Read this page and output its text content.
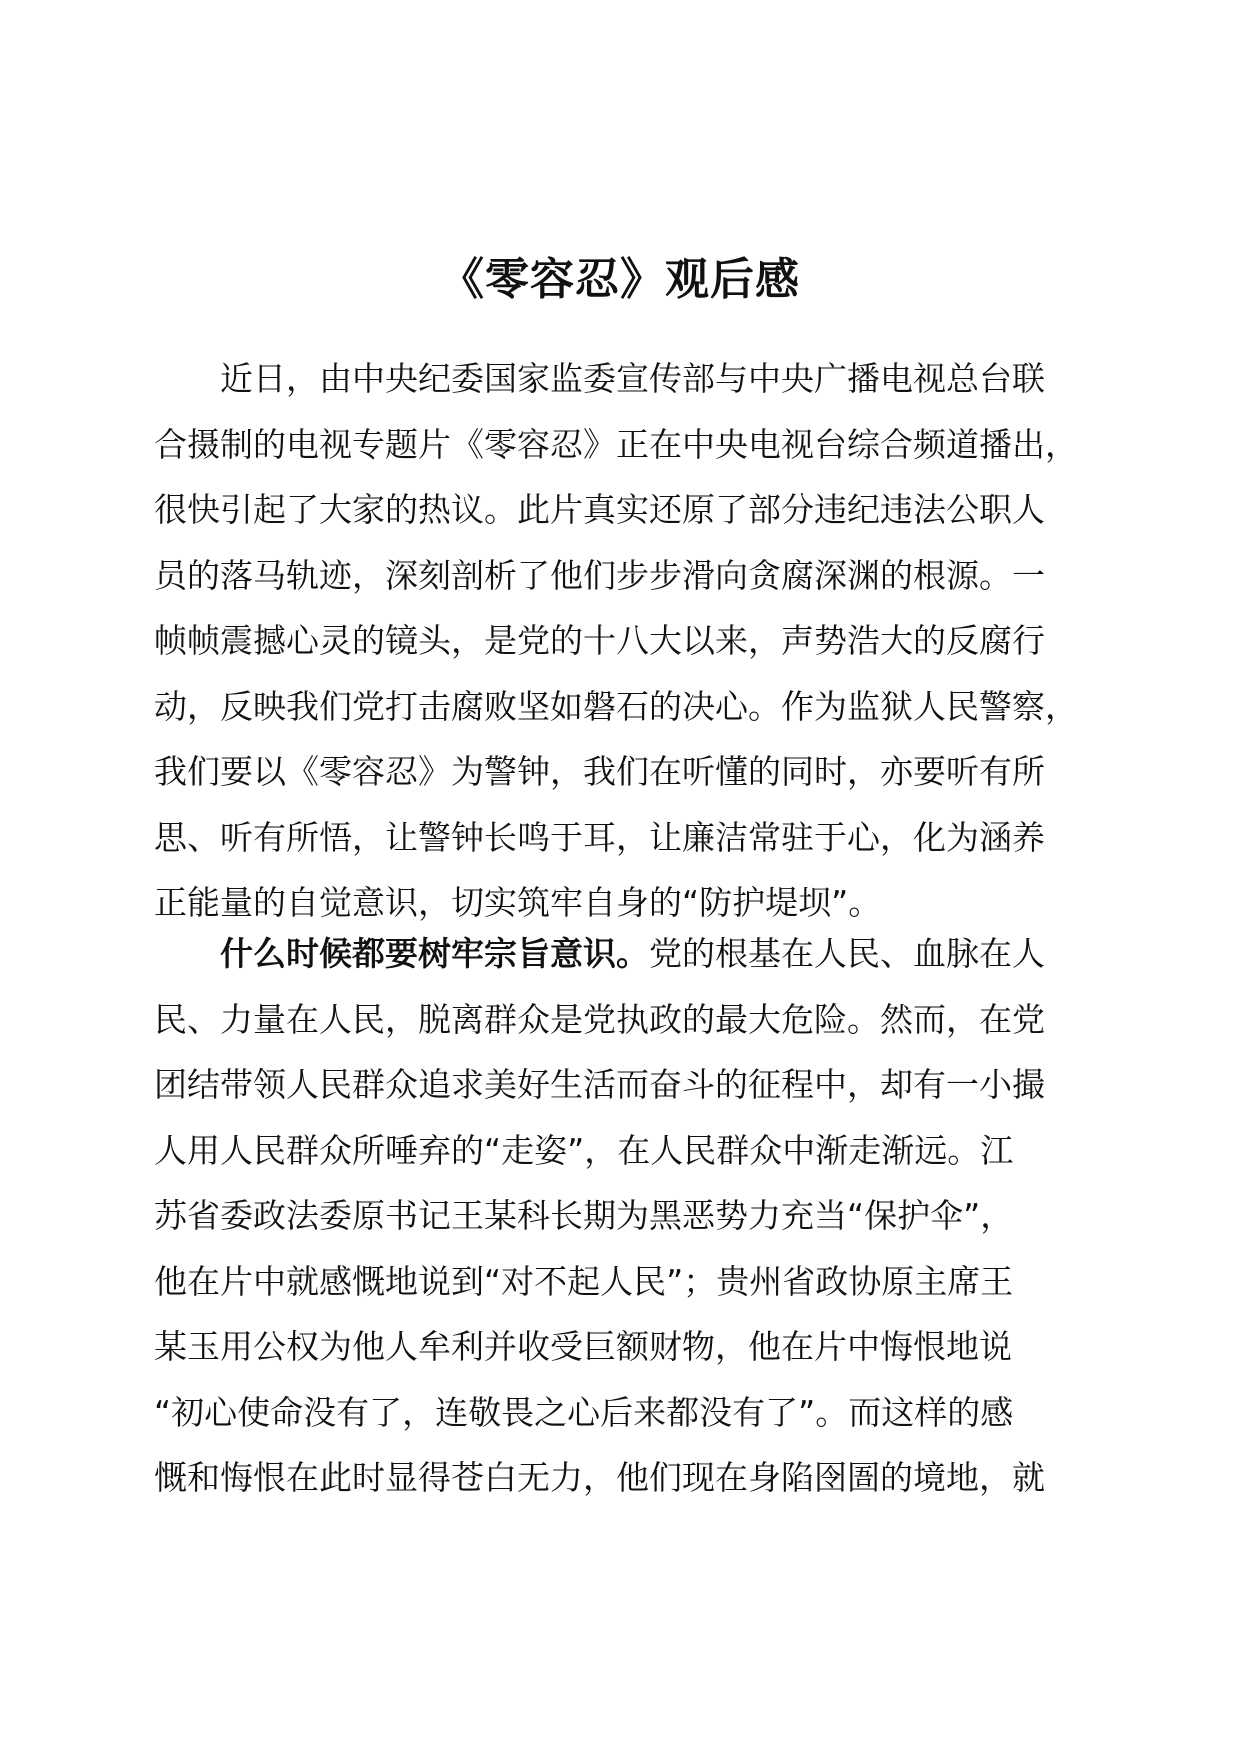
《零容忍》观后感
近日，由中央纪委国家监委宣传部与中央广播电视总台联
合摄制的电视专题片《零容忍》正在中央电视台综合频道播出，
很快引起了大家的热议。此片真实还原了部分违纪违法公职人
员的落马轨迹，深刻剖析了他们步步滑向贪腐深渊的根源。一
帧帧震撼心灵的镜头，是党的十八大以来，声势浩大的反腐行
动，反映我们党打击腐败坚如磐石的决心。作为监狱人民警察，
我们要以《零容忍》为警钟，我们在听懂的同时，亦要听有所
思、听有所悟，让警钟长鸣于耳，让廉洁常驻于心，化为涵养
正能量的自觉意识，切实筑牢自身的“防护堤坝”。
什么时候都要树牢宗旨意识。党的根基在人民、血脉在人
民、力量在人民，脱离群众是党执政的最大危险。然而，在党
团结带领人民群众追求美好生活而奋斗的征程中，却有一小撮
人用人民群众所唾弃的“走姿”，在人民群众中渐走渐远。江
苏省委政法委原书记王某科长期为黑恶势力充当“保护伞”，
他在片中就感慨地说到“对不起人民”；贵州省政协原主席王
某玉用公权为他人牟利并收受巨额财物，他在片中悔恨地说
“初心使命没有了，连敬畏之心后来都没有了”。而这样的感
慨和悔恨在此时显得苍白无力，他们现在身陷囹圄的境地，就
